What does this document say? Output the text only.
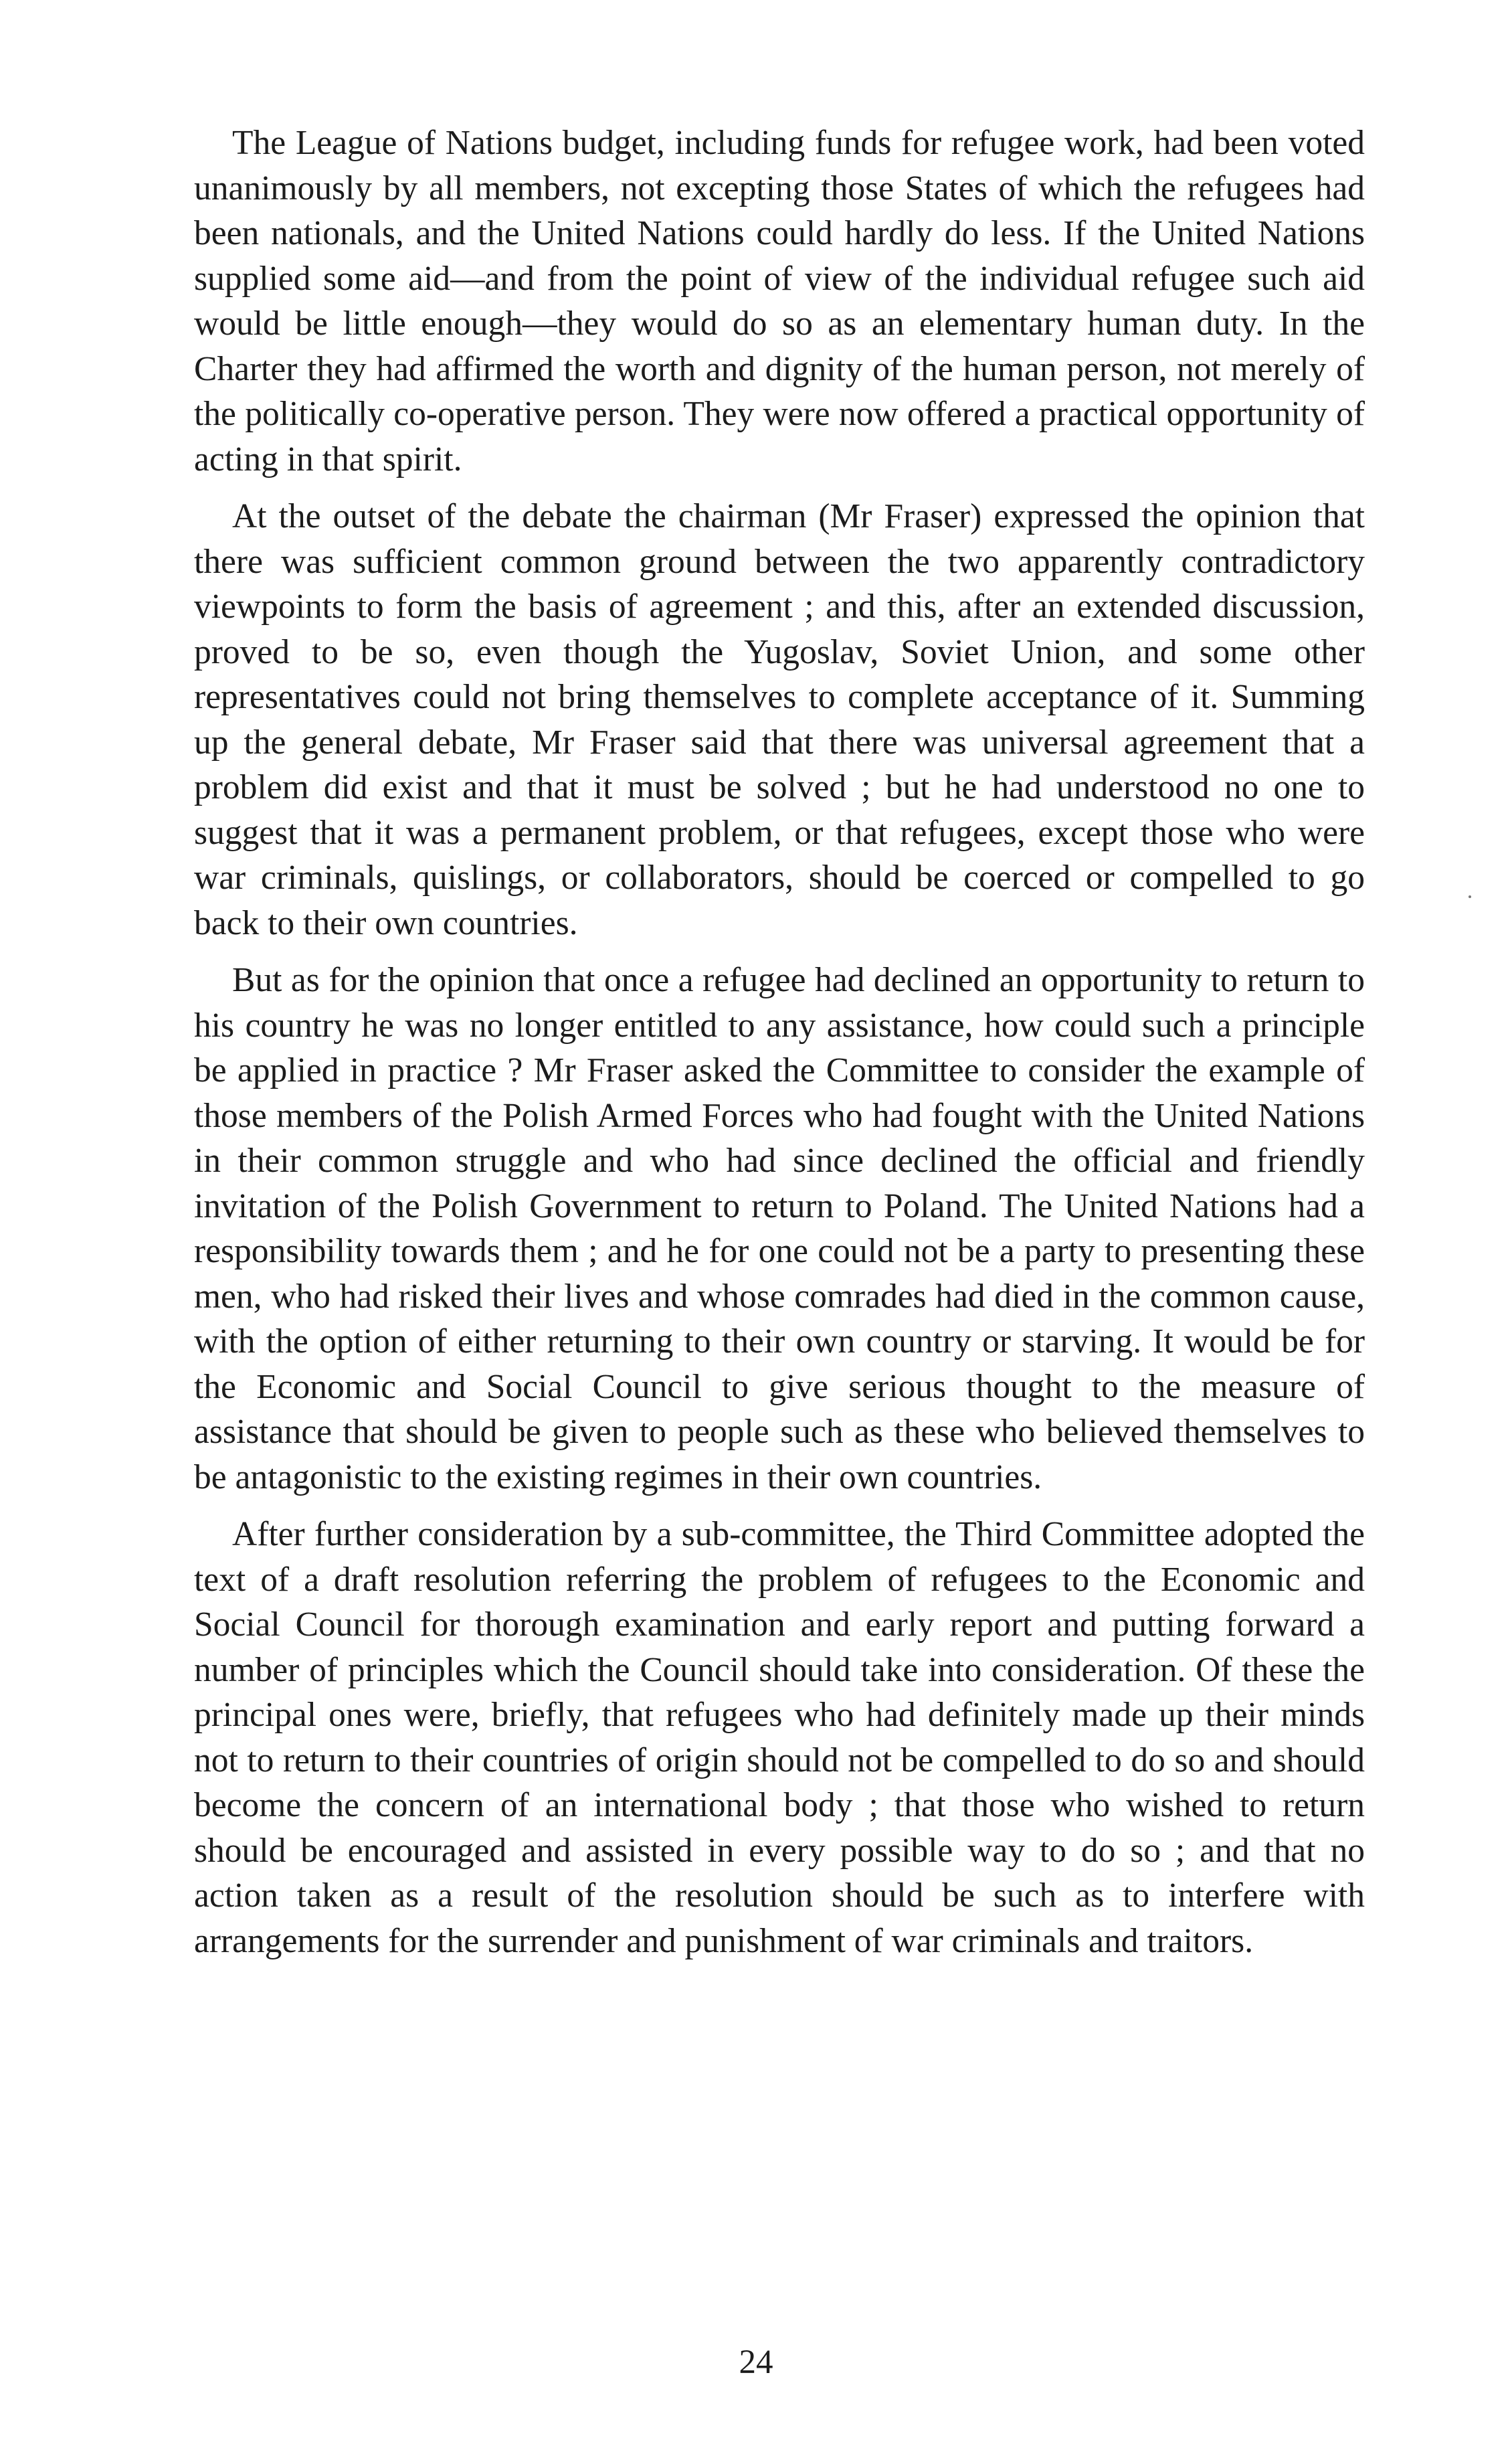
The League of Nations budget, including funds for refugee work, had been voted unanimously by all members, not excepting those States of which the refugees had been nationals, and the United Nations could hardly do less. If the United Nations supplied some aid—and from the point of view of the individual refugee such aid would be little enough—they would do so as an elementary human duty. In the Charter they had affirmed the worth and dignity of the human person, not merely of the politically co-operative person. They were now offered a practical opportunity of acting in that spirit.

At the outset of the debate the chairman (Mr Fraser) expressed the opinion that there was sufficient common ground between the two apparently contradictory viewpoints to form the basis of agreement ; and this, after an extended discussion, proved to be so, even though the Yugoslav, Soviet Union, and some other representatives could not bring themselves to complete acceptance of it. Summing up the general debate, Mr Fraser said that there was universal agreement that a problem did exist and that it must be solved ; but he had understood no one to suggest that it was a permanent problem, or that refugees, except those who were war criminals, quislings, or collaborators, should be coerced or compelled to go back to their own countries.

But as for the opinion that once a refugee had declined an opportunity to return to his country he was no longer entitled to any assistance, how could such a principle be applied in practice ? Mr Fraser asked the Committee to consider the example of those members of the Polish Armed Forces who had fought with the United Nations in their common struggle and who had since declined the official and friendly invitation of the Polish Government to return to Poland. The United Nations had a responsibility towards them ; and he for one could not be a party to presenting these men, who had risked their lives and whose comrades had died in the common cause, with the option of either returning to their own country or starving. It would be for the Economic and Social Council to give serious thought to the measure of assistance that should be given to people such as these who believed themselves to be antagonistic to the existing regimes in their own countries.

After further consideration by a sub-committee, the Third Committee adopted the text of a draft resolution referring the problem of refugees to the Economic and Social Council for thorough examination and early report and putting forward a number of principles which the Council should take into consideration. Of these the principal ones were, briefly, that refugees who had definitely made up their minds not to return to their countries of origin should not be compelled to do so and should become the concern of an international body ; that those who wished to return should be encouraged and assisted in every possible way to do so ; and that no action taken as a result of the resolution should be such as to interfere with arrangements for the surrender and punishment of war criminals and traitors.

24
